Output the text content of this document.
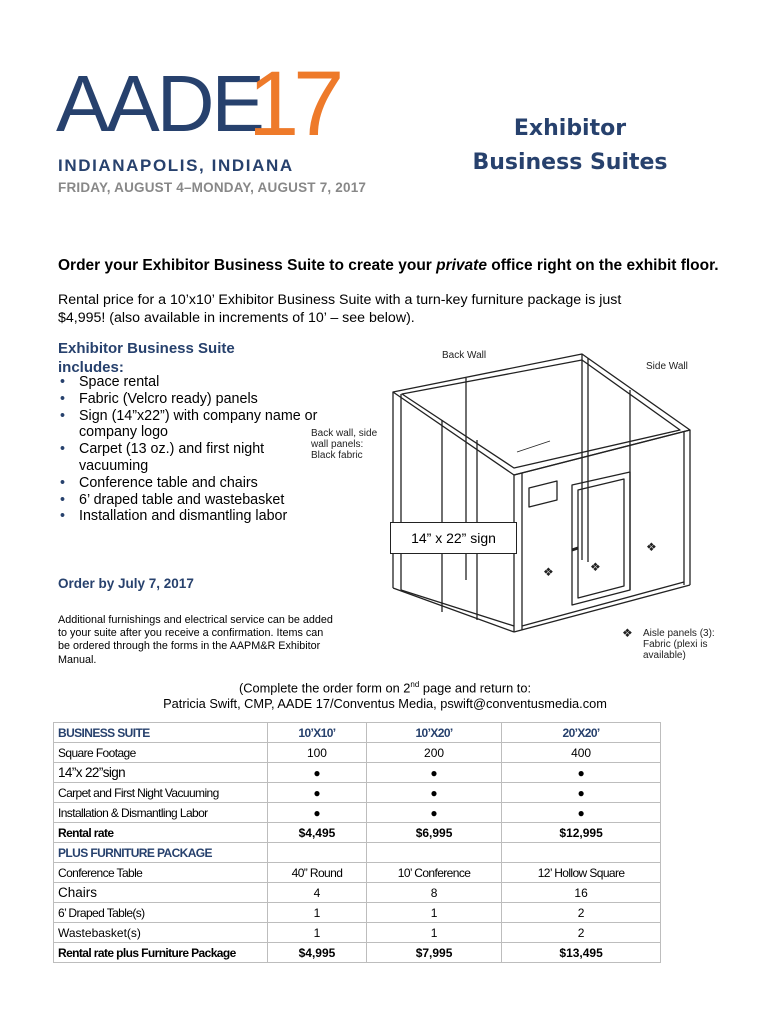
AADE
17
INDIANAPOLIS, INDIANA
FRIDAY, AUGUST 4–MONDAY, AUGUST 7, 2017
Exhibitor
Business Suites
Order your Exhibitor Business Suite to create your private office right on the exhibit floor.
Rental price for a 10’x10’ Exhibitor Business Suite with a turn-key furniture package is just
$4,995! (also available in increments of 10’ – see below).
Exhibitor Business Suite
includes:
• Space rental
• Fabric (Velcro ready) panels
• Sign (14”x22”) with company name or company logo
• Carpet (13 oz.) and first night vacuuming
• Conference table and chairs
• 6’ draped table and wastebasket
• Installation and dismantling labor
Order by July 7, 2017
Additional furnishings and electrical service can be added to your suite after you receive a confirmation. Items can be ordered through the forms in the AAPM&R Exhibitor Manual.
Back Wall
Side Wall
Back wall, side
wall panels:
Black fabric
14” x 22” sign
❖
❖	❖
❖ Aisle panels (3):
Fabric (plexi is
available)
(Complete the order form on 2nd page and return to:
Patricia Swift, CMP, AADE 17/Conventus Media, pswift@conventusmedia.com
BUSINESS SUITE	10’X10’	10’X20’	20’X20’
Square Footage	100	200	400
14”x 22”sign	●	●	●
Carpet and First Night Vacuuming	●	●	●
Installation & Dismantling Labor	●	●	●
Rental rate	$4,495	$6,995	$12,995
PLUS FURNITURE PACKAGE			
Conference Table	40” Round	10’ Conference	12’ Hollow Square
Chairs	4	8	16
6’ Draped Table(s)	1	1	2
Wastebasket(s)	1	1	2
Rental rate plus Furniture Package	$4,995	$7,995	$13,495
